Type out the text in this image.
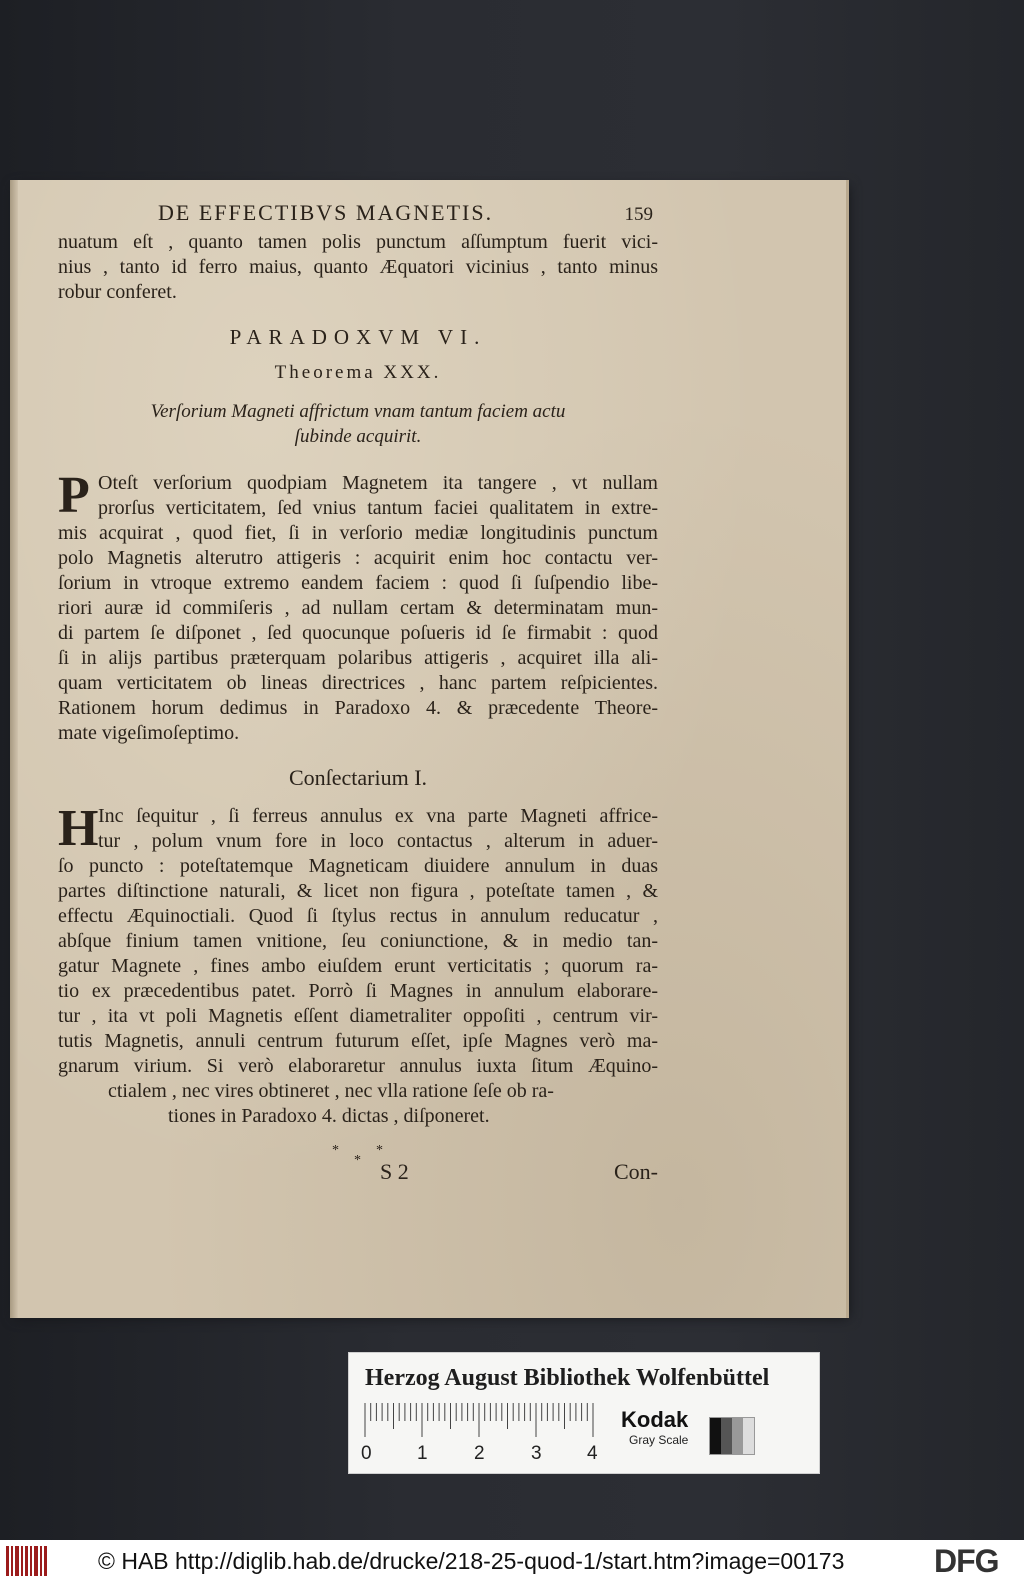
DE EFFECTIBVS MAGNETIS.	159
nuatum eſt , quanto tamen polis punctum aſſumptum fuerit vici-
nius , tanto id ferro maius, quanto Æquatori vicinius , tanto minus
robur conferet.
PARADOXVM VI.
Theorema XXX.
Verſorium Magneti affrictum vnam tantum faciem actu
ſubinde acquirit.
P Oteſt verſorium quodpiam Magnetem ita tangere , vt nullam
prorſus verticitatem, ſed vnius tantum faciei qualitatem in extre-
mis acquirat , quod fiet, ſi in verſorio mediæ longitudinis punctum
polo Magnetis alterutro attigeris : acquirit enim hoc contactu ver-
ſorium in vtroque extremo eandem faciem : quod ſi ſuſpendio libe-
riori auræ id commiſeris , ad nullam certam & determinatam mun-
di partem ſe diſponet , ſed quocunque poſueris id ſe firmabit : quod
ſi in alijs partibus præterquam polaribus attigeris , acquiret illa ali-
quam verticitatem ob lineas directrices , hanc partem reſpicientes.
Rationem horum dedimus in Paradoxo 4. & præcedente Theore-
mate vigeſimoſeptimo.
Conſectarium I.
H Inc ſequitur , ſi ferreus annulus ex vna parte Magneti affrice-
tur , polum vnum fore in loco contactus , alterum in aduer-
ſo puncto : poteſtatemque Magneticam diuidere annulum in duas
partes diſtinctione naturali, & licet non figura , poteſtate tamen , &
effectu Æquinoctiali. Quod ſi ſtylus rectus in annulum reducatur ,
abſque finium tamen vnitione, ſeu coniunctione, & in medio tan-
gatur Magnete , fines ambo eiuſdem erunt verticitatis ; quorum ra-
tio ex præcedentibus patet. Porrò ſi Magnes in annulum elaborare-
tur , ita vt poli Magnetis eſſent diametraliter oppoſiti , centrum vir-
tutis Magnetis, annuli centrum futurum eſſet, ipſe Magnes verò ma-
gnarum virium. Si verò elaboraretur annulus iuxta ſitum Æquino-
ctialem , nec vires obtineret , nec vlla ratione ſeſe ob ra-
tiones in Paradoxo 4. dictas , diſponeret.
*
*
*
S 2	Con-
Herzog August Bibliothek Wolfenbüttel
0 1 2 3 4
Kodak
Gray Scale
© HAB http://diglib.hab.de/drucke/218-25-quod-1/start.htm?image=00173	DFG
